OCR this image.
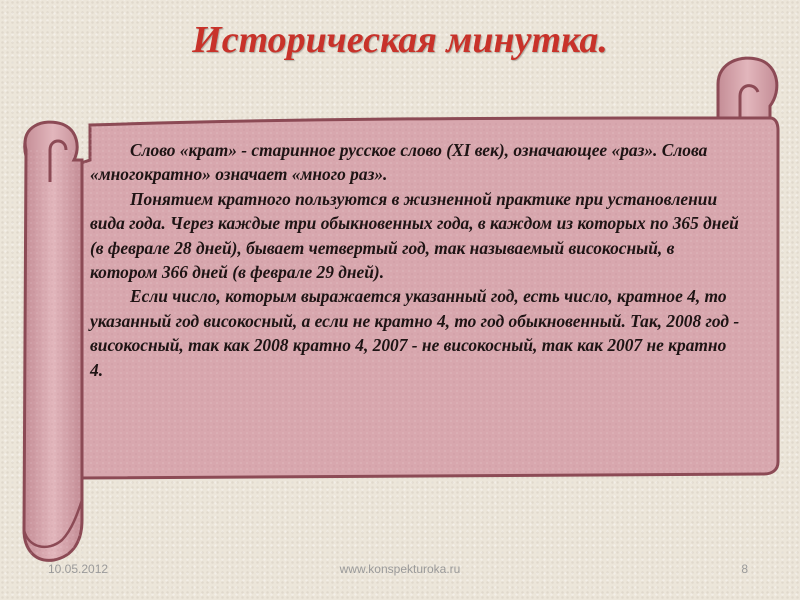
Историческая минутка.

Слово «крат» - старинное русское слово (XI век), означающее «раз». Слова «многократно» означает «много раз».

Понятием кратного пользуются в жизненной практике при установлении вида года. Через каждые три обыкновенных года, в каждом из которых по 365 дней (в феврале 28 дней), бывает четвертый год, так называемый високосный, в котором 366 дней (в феврале 29 дней).

Если число, которым выражается указанный год, есть число, кратное 4, то указанный год високосный, а если не кратно 4, то год обыкновенный. Так, 2008 год - високосный, так как 2008 кратно 4, 2007 - не високосный, так как 2007 не кратно 4.

10.05.2012	www.konspekturoka.ru	8
